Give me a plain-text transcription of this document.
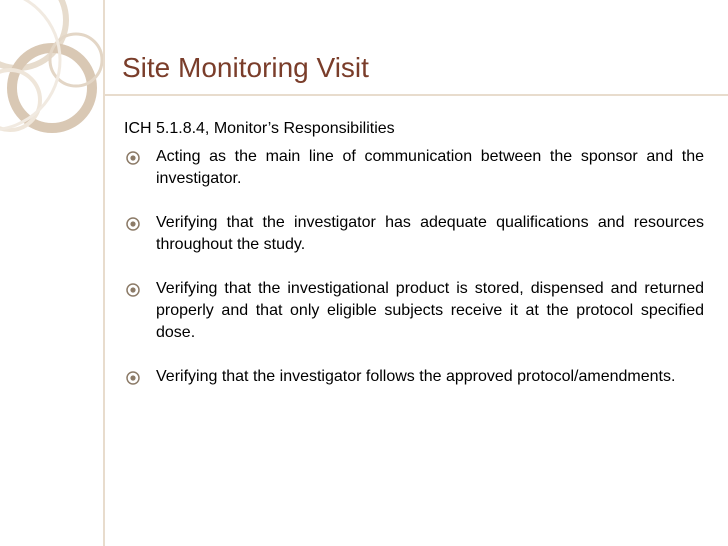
Site Monitoring Visit
ICH 5.1.8.4, Monitor’s Responsibilities
Acting as the main line of communication between the sponsor and the investigator.
Verifying that the investigator has adequate qualifications and resources throughout the study.
Verifying that the investigational product is stored, dispensed and returned properly and that only eligible subjects receive it at the protocol specified dose.
Verifying that the investigator follows the approved protocol/amendments.
